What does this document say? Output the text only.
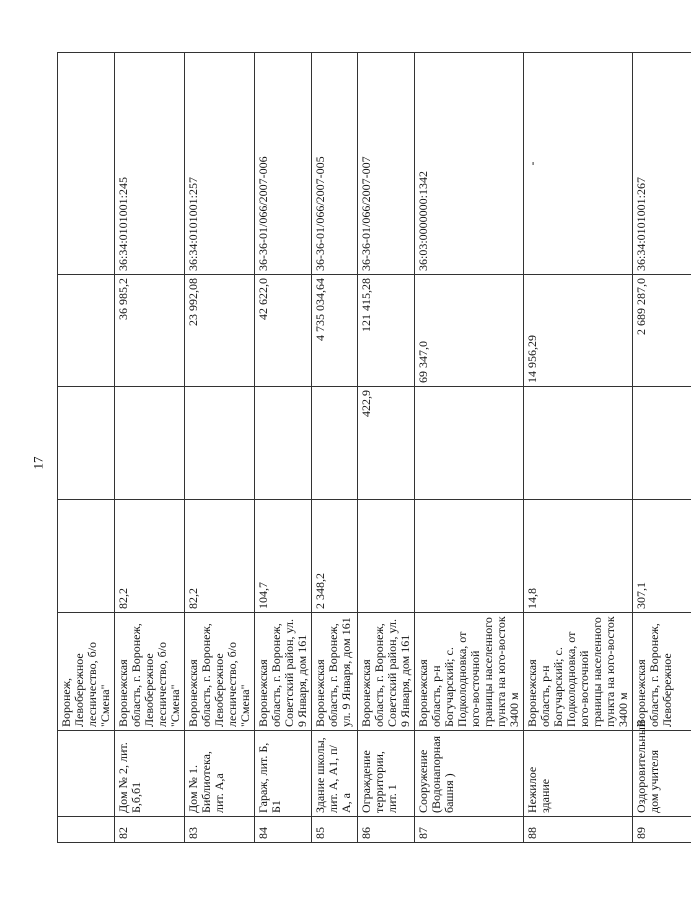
17
		Воронеж, Левобережное лесничество, б/о "Смена"				
82	Дом № 2, лит. Б,б,б1	Воронежская область, г. Воронеж, Левобережное лесничество, б/о "Смена"	82,2		36 985,2	36:34:0101001:245
83	Дом № 1. Библиотека, лит. А,а	Воронежская область, г. Воронеж, Левобережное лесничество, б/о "Смена"	82,2		23 992,08	36:34:0101001:257
84	Гараж, лит. Б, Б1	Воронежская область, г. Воронеж, Советский район, ул. 9 Января, дом 161	104,7		42 622,0	36-36-01/066/2007-006
85	Здание школы, лит. А, А1, п/А, а	Воронежская область, г. Воронеж, ул. 9 Января, дом 161	2 348,2		4 735 034,64	36-36-01/066/2007-005
86	Ограждение территории, лит. 1	Воронежская область, г. Воронеж, Советский район, ул. 9 Января, дом 161		422,9	121 415,28	36-36-01/066/2007-007
87	Сооружение (Водонапорная башня )	Воронежская область, р-н Богучарский; с. Подколодновка, от юго-восточной границы населенного пункта на юго-восток 3400 м			69 347,0	36:03:0000000:1342
88	Нежилое здание	Воронежская область, р-н Богучарский; с. Подколодновка, от юго-восточной границы населенного пункта на юго-восток 3400 м	14,8		14 956,29	-
89	Оздоровительный дом учителя	Воронежская область, г. Воронеж, Левобережное	307,1		2 689 287,0	36:34:0101001:267
